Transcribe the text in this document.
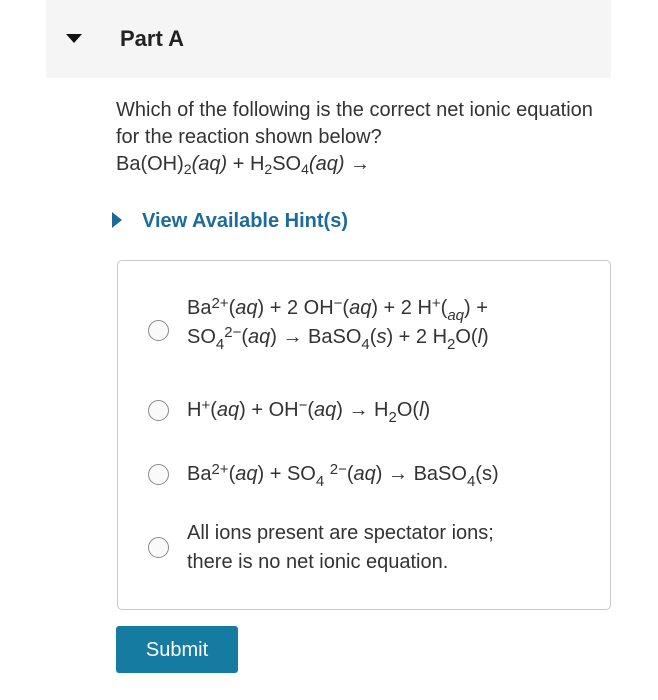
Part A
Which of the following is the correct net ionic equation for the reaction shown below?
$Ba(OH)_2(aq) + H_2SO_4(aq)$ →
View Available Hint(s)
$Ba^{2+}(aq) + 2$ OH−(aq) + 2 $H^+(_{aq})$ +
$SO_4^{2-}(aq)$ → BaSO$_4$(s) + 2 $H_2O(l)$
$H^+(aq) + OH^-(aq) \to H_2O(l)$
$Ba^{2+}(aq) + SO_4$ $^{2-}$(aq) → BaSO$_4$(s)
All ions present are spectator ions;
there is no net ionic equation.
Submit
